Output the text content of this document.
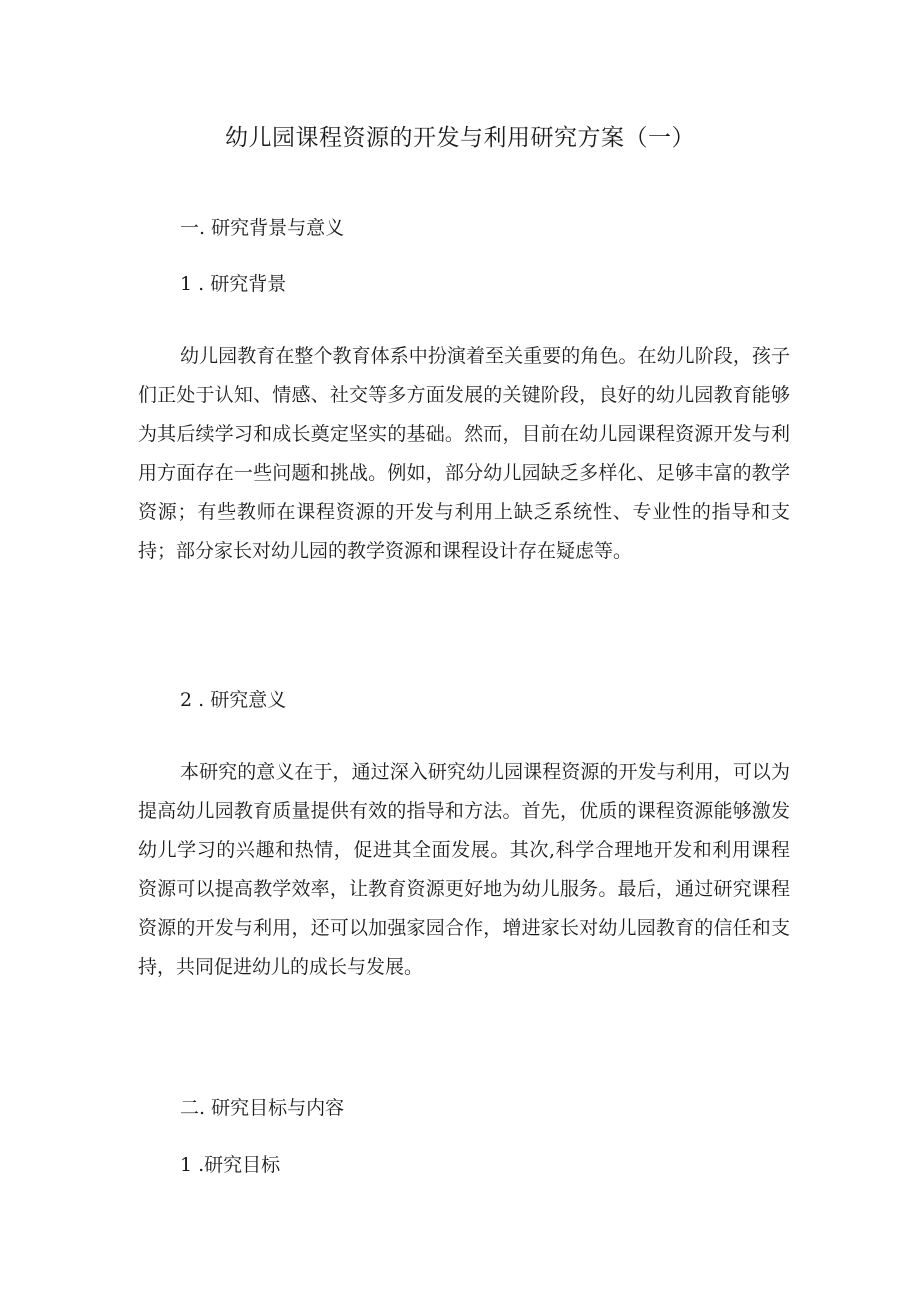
幼儿园课程资源的开发与利用研究方案（一）
一. 研究背景与意义
1 . 研究背景

幼儿园教育在整个教育体系中扮演着至关重要的角色。在幼儿阶段，孩子们正处于认知、情感、社交等多方面发展的关键阶段，良好的幼儿园教育能够为其后续学习和成长奠定坚实的基础。然而，目前在幼儿园课程资源开发与利用方面存在一些问题和挑战。例如，部分幼儿园缺乏多样化、足够丰富的教学资源；有些教师在课程资源的开发与利用上缺乏系统性、专业性的指导和支持；部分家长对幼儿园的教学资源和课程设计存在疑虑等。

2 . 研究意义

本研究的意义在于，通过深入研究幼儿园课程资源的开发与利用，可以为提高幼儿园教育质量提供有效的指导和方法。首先，优质的课程资源能够激发幼儿学习的兴趣和热情，促进其全面发展。其次,科学合理地开发和利用课程资源可以提高教学效率，让教育资源更好地为幼儿服务。最后，通过研究课程资源的开发与利用，还可以加强家园合作，增进家长对幼儿园教育的信任和支持，共同促进幼儿的成长与发展。

二. 研究目标与内容
1 .研究目标
